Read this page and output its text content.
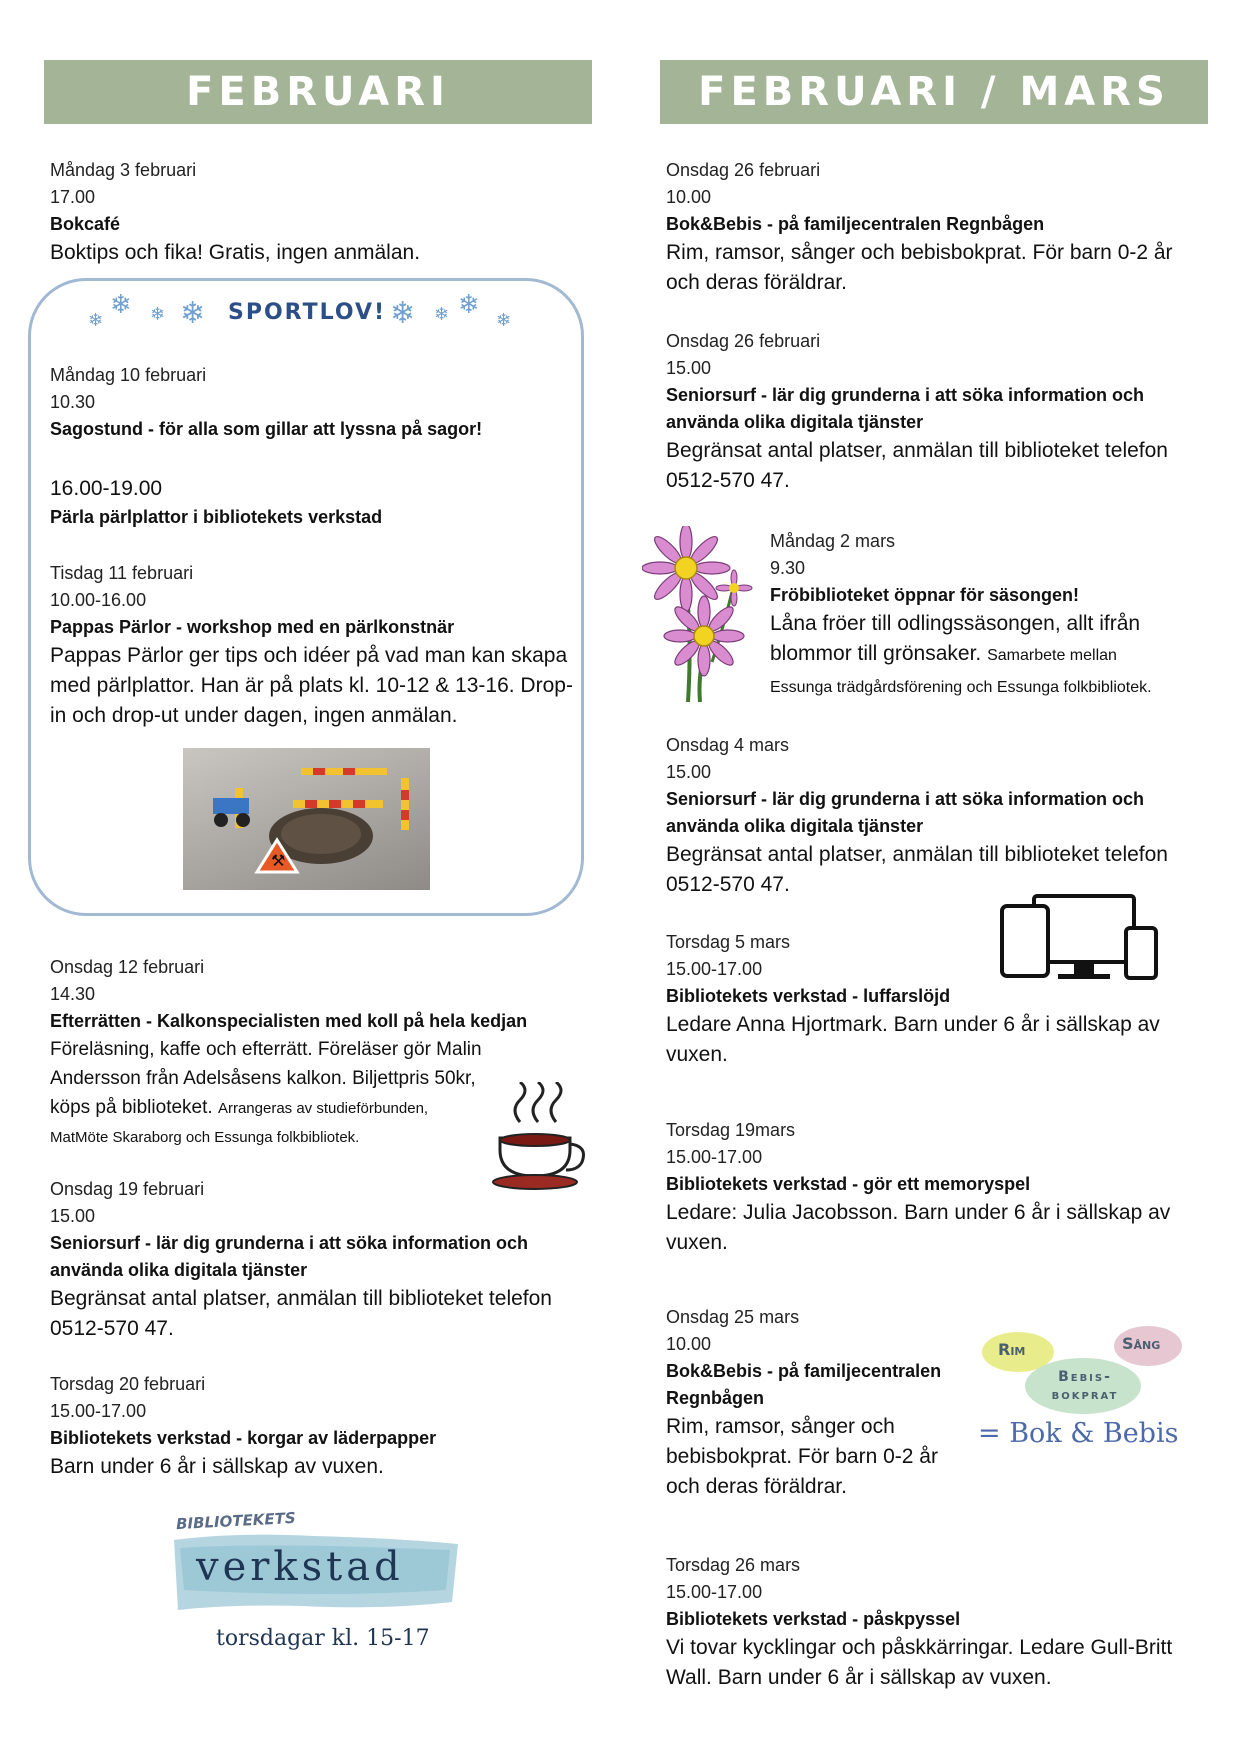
FEBRUARI
Måndag 3 februari
17.00
Bokcafé
Boktips och fika! Gratis, ingen anmälan.
SPORTLOV!
❄
❄ ❄ ❄	❄ ❄ ❄
❄
Måndag 10 februari
10.30
Sagostund - för alla som gillar att lyssna på sagor!
16.00-19.00
Pärla pärlplattor i bibliotekets verkstad
Tisdag 11 februari
10.00-16.00
Pappas Pärlor - workshop med en pärlkonstnär
Pappas Pärlor ger tips och idéer på vad man kan skapa med pärlplattor. Han är på plats kl. 10-12 & 13-16. Drop-in och drop-ut under dagen, ingen anmälan.
⚒
Onsdag 12 februari
14.30
Efterrätten - Kalkonspecialisten med koll på hela kedjan
Föreläsning, kaffe och efterrätt. Föreläser gör Malin Andersson från Adelsåsens kalkon. Biljettpris 50kr, köps på biblioteket. Arrangeras av studieförbunden, MatMöte Skaraborg och Essunga folkbibliotek.
Onsdag 19 februari
15.00
Seniorsurf - lär dig grunderna i att söka information och använda olika digitala tjänster
Begränsat antal platser, anmälan till biblioteket telefon 0512-570 47.
Torsdag 20 februari
15.00-17.00
Bibliotekets verkstad - korgar av läderpapper
Barn under 6 år i sällskap av vuxen.
BIBLIOTEKETS
verkstad
torsdagar kl. 15-17
FEBRUARI / MARS
Onsdag 26 februari
10.00
Bok&Bebis - på familjecentralen Regnbågen
Rim, ramsor, sånger och bebisbokprat. För barn 0-2 år och deras föräldrar.
Onsdag 26 februari
15.00
Seniorsurf - lär dig grunderna i att söka information och använda olika digitala tjänster
Begränsat antal platser, anmälan till biblioteket telefon 0512-570 47.
Måndag 2 mars
9.30
Fröbiblioteket öppnar för säsongen!
Låna fröer till odlingssäsongen, allt ifrån blommor till grönsaker. Samarbete mellan Essunga trädgårdsförening och Essunga folkbibliotek.
Onsdag 4 mars
15.00
Seniorsurf - lär dig grunderna i att söka information och använda olika digitala tjänster
Begränsat antal platser, anmälan till biblioteket telefon 0512-570 47.
Torsdag 5 mars
15.00-17.00
Bibliotekets verkstad - luffarslöjd
Ledare Anna Hjortmark. Barn under 6 år i sällskap av vuxen.
Torsdag 19mars
15.00-17.00
Bibliotekets verkstad - gör ett memoryspel
Ledare: Julia Jacobsson. Barn under 6 år i sällskap av vuxen.
Onsdag 25 mars
10.00
Bok&Bebis - på familjecentralen Regnbågen
Rim, ramsor, sånger och bebisbokprat. För barn 0-2 år och deras föräldrar.
Rim	Sång
Bebis-bokprat
= Bok & Bebis
Torsdag 26 mars
15.00-17.00
Bibliotekets verkstad - påskpyssel
Vi tovar kycklingar och påskkärringar. Ledare Gull-Britt Wall. Barn under 6 år i sällskap av vuxen.
